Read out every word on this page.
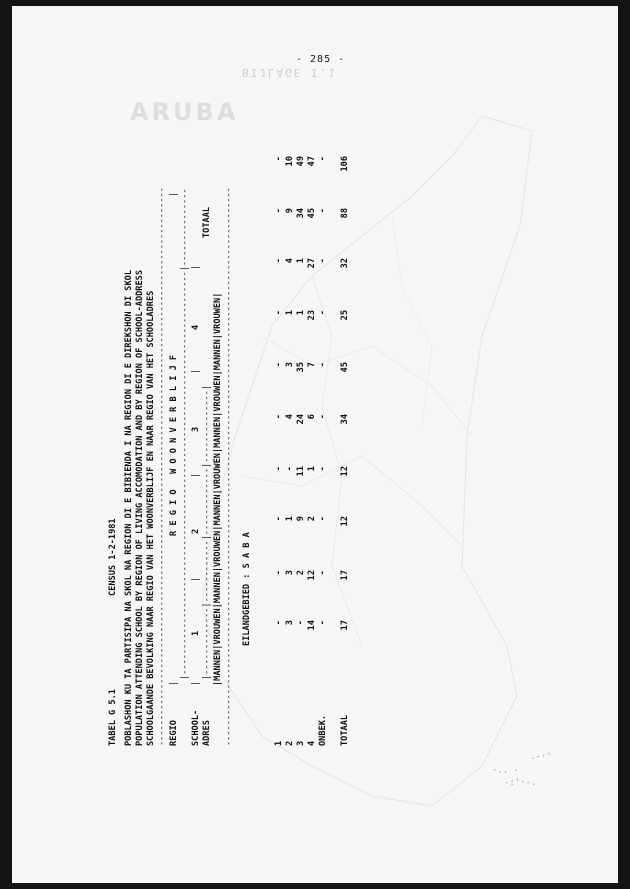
BIJLAGE I.1
ARUBA
- 285 -
.-·'
·.. ·
-:'·-.
TABEL G 5.1
CENSUS 1-2-1981 POBLASHON KU TA PARTISIPA NA SKOL NA REGION DI E BIBIENDA I NA REGION DI E DIREKSHON DI SKOL POPULATION ATTENDING SCHOOL BY REGION OF LIVING ACCOMODATION AND BY REGION OF SCHOOL-ADDRESS SCHOOLGAANDE BEVOLKING NAAR REGIO VAN HET WOONVERBLIJF EN NAAR REGIO VAN HET SCHOOLADRES ------------------------------------------------------------------------------------------------------------ REGIO
|
R E G I O   W O O N V E R B L I J F
| |------------------------------------------------------------------------------|---------------
SCHOOL- ADRES
|
1
|
2
|
3
|
4
|
TOTAAL
|-------------|------------|-------------|--------------|
|MANNEN|VROUWEN|MANNEN|VROUWEN|MANNEN|VROUWEN|MANNEN|VROUWEN|MANNEN|VROUWEN| ------------------------------------------------------------------------------------------------------------ EILANDGEBIED : S A B A
1
-
-
-
-
-
-
-
-
-
-
2
3
3
1
-
4
3
1
4
9
10
3
-
2
9
11
24
35
1
1
34
49
4
14
12
2
1
6
7
23
27
45
47
ONBEK.
-
-
-
-
-
-
-
-
-
-
TOTAAL
17
17
12
12
34
45
25
32
88
106
